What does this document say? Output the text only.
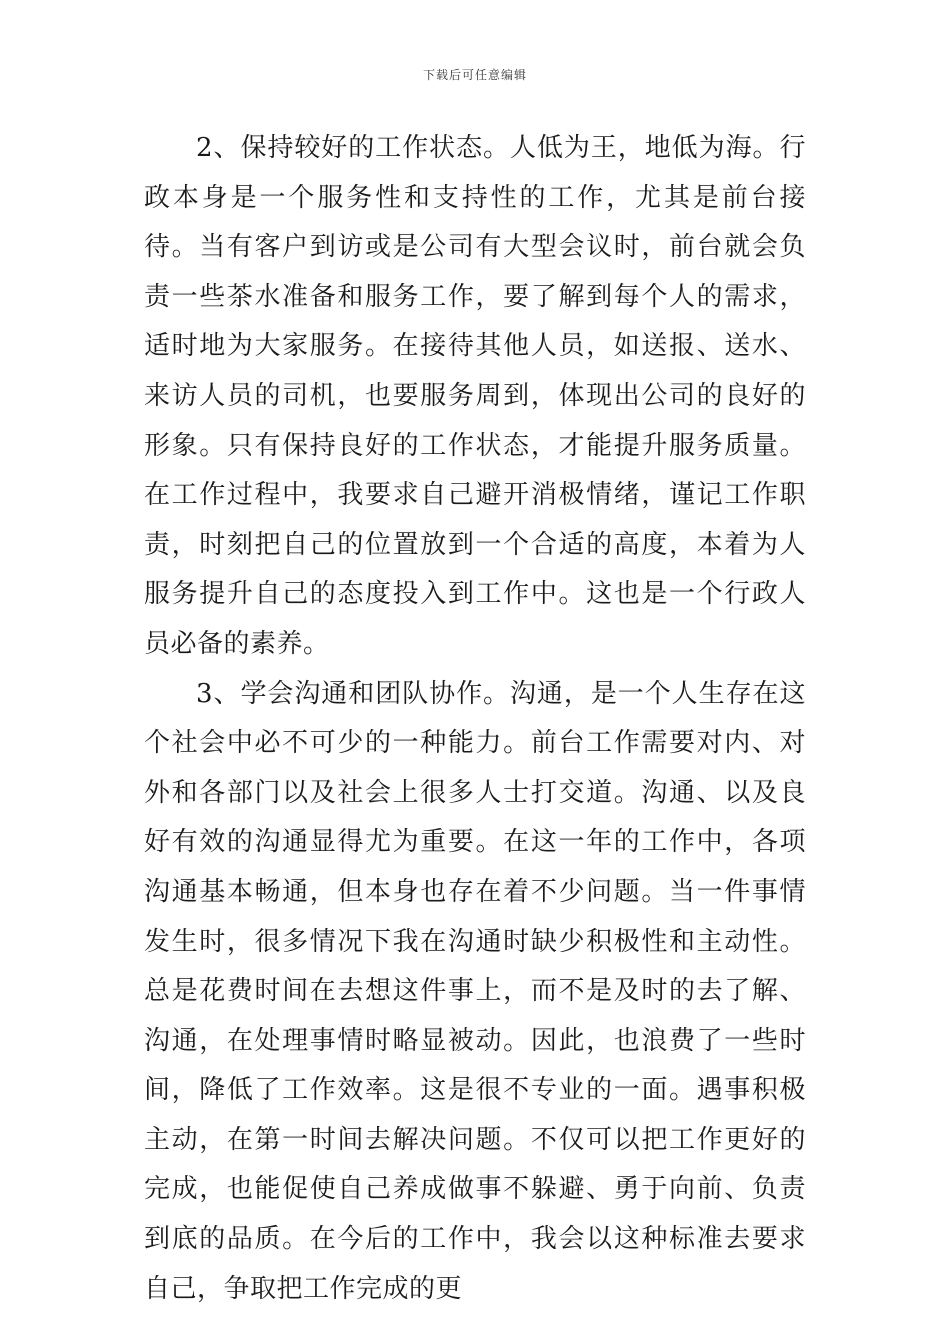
下载后可任意编辑

2、保持较好的工作状态。人低为王，地低为海。行政本身是一个服务性和支持性的工作，尤其是前台接待。当有客户到访或是公司有大型会议时，前台就会负责一些茶水准备和服务工作，要了解到每个人的需求，适时地为大家服务。在接待其他人员，如送报、送水、来访人员的司机，也要服务周到，体现出公司的良好的形象。只有保持良好的工作状态，才能提升服务质量。在工作过程中，我要求自己避开消极情绪，谨记工作职责，时刻把自己的位置放到一个合适的高度，本着为人服务提升自己的态度投入到工作中。这也是一个行政人员必备的素养。

3、学会沟通和团队协作。沟通，是一个人生存在这个社会中必不可少的一种能力。前台工作需要对内、对外和各部门以及社会上很多人士打交道。沟通、以及良好有效的沟通显得尤为重要。在这一年的工作中，各项沟通基本畅通，但本身也存在着不少问题。当一件事情发生时，很多情况下我在沟通时缺少积极性和主动性。总是花费时间在去想这件事上，而不是及时的去了解、沟通，在处理事情时略显被动。因此，也浪费了一些时间，降低了工作效率。这是很不专业的一面。遇事积极主动，在第一时间去解决问题。不仅可以把工作更好的完成，也能促使自己养成做事不躲避、勇于向前、负责到底的品质。在今后的工作中，我会以这种标准去要求自己，争取把工作完成的更
